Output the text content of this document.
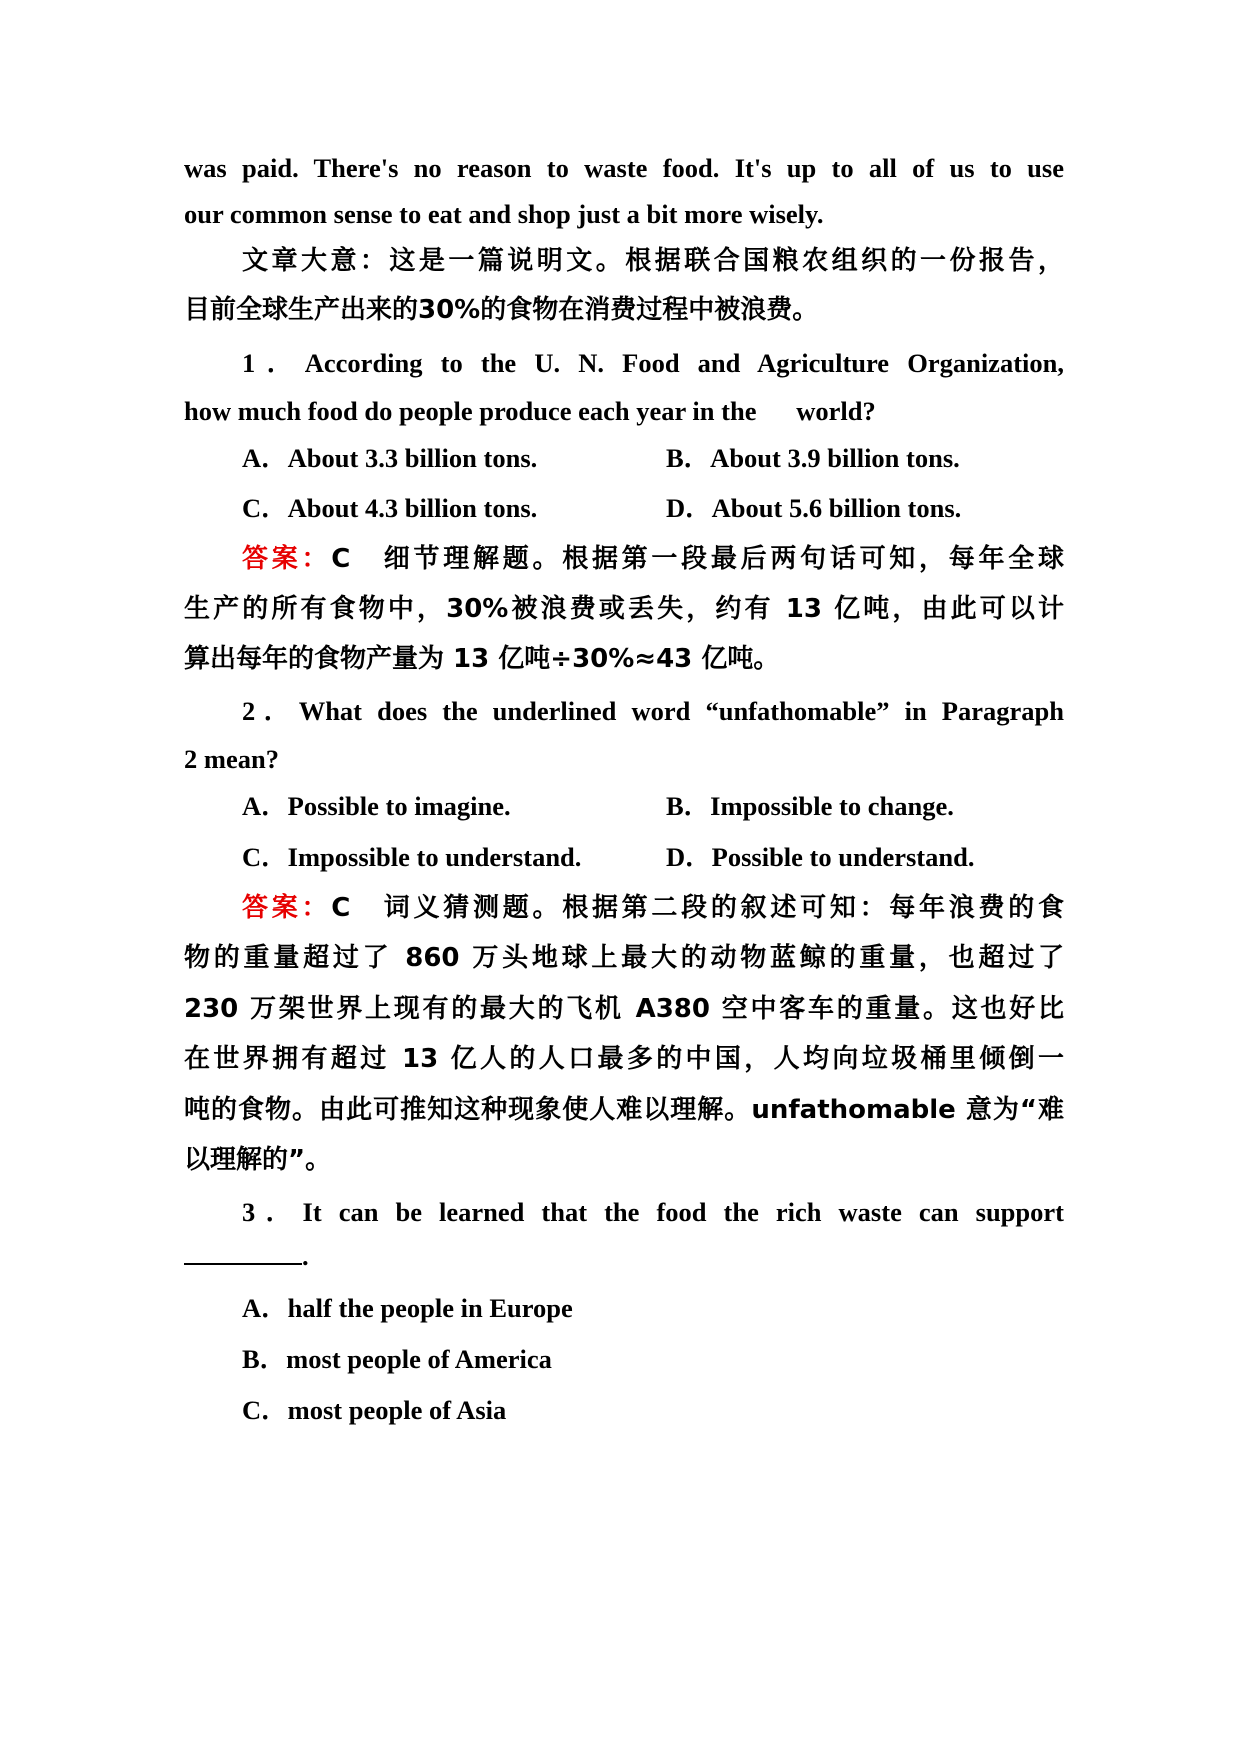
was paid. There's no reason to waste food. It's up to all of us to use
our common sense to eat and shop just a bit more wisely.
文章大意：这是一篇说明文。根据联合国粮农组织的一份报告，
目前全球生产出来的30%的食物在消费过程中被浪费。
1．According to the U. N. Food and Agriculture Organization,
how much food do people produce each year in the      world?
A．About 3.3 billion tons.	B．About 3.9 billion tons.
C．About 4.3 billion tons.	D．About 5.6 billion tons.
答案：C　 细节理解题。根据第一段最后两句话可知，每年全球
生产的所有食物中，30%被浪费或丢失，约有 13 亿吨，由此可以计
算出每年的食物产量为 13 亿吨÷30%≈43 亿吨。
2．What does the underlined word “unfathomable” in Paragraph
2 mean?
A．Possible to imagine.	B．Impossible to change.
C．Impossible to understand.	D．Possible to understand.
答案：C　 词义猜测题。根据第二段的叙述可知：每年浪费的食
物的重量超过了 860 万头地球上最大的动物蓝鲸的重量，也超过了
230 万架世界上现有的最大的飞机 A380 空中客车的重量。这也好比
在世界拥有超过 13 亿人的人口最多的中国，人均向垃圾桶里倾倒一
吨的食物。由此可推知这种现象使人难以理解。unfathomable 意为“难
以理解的”。
3．It can be learned that the food the rich waste can support
.
A．half the people in Europe
B．most people of America
C．most people of Asia
